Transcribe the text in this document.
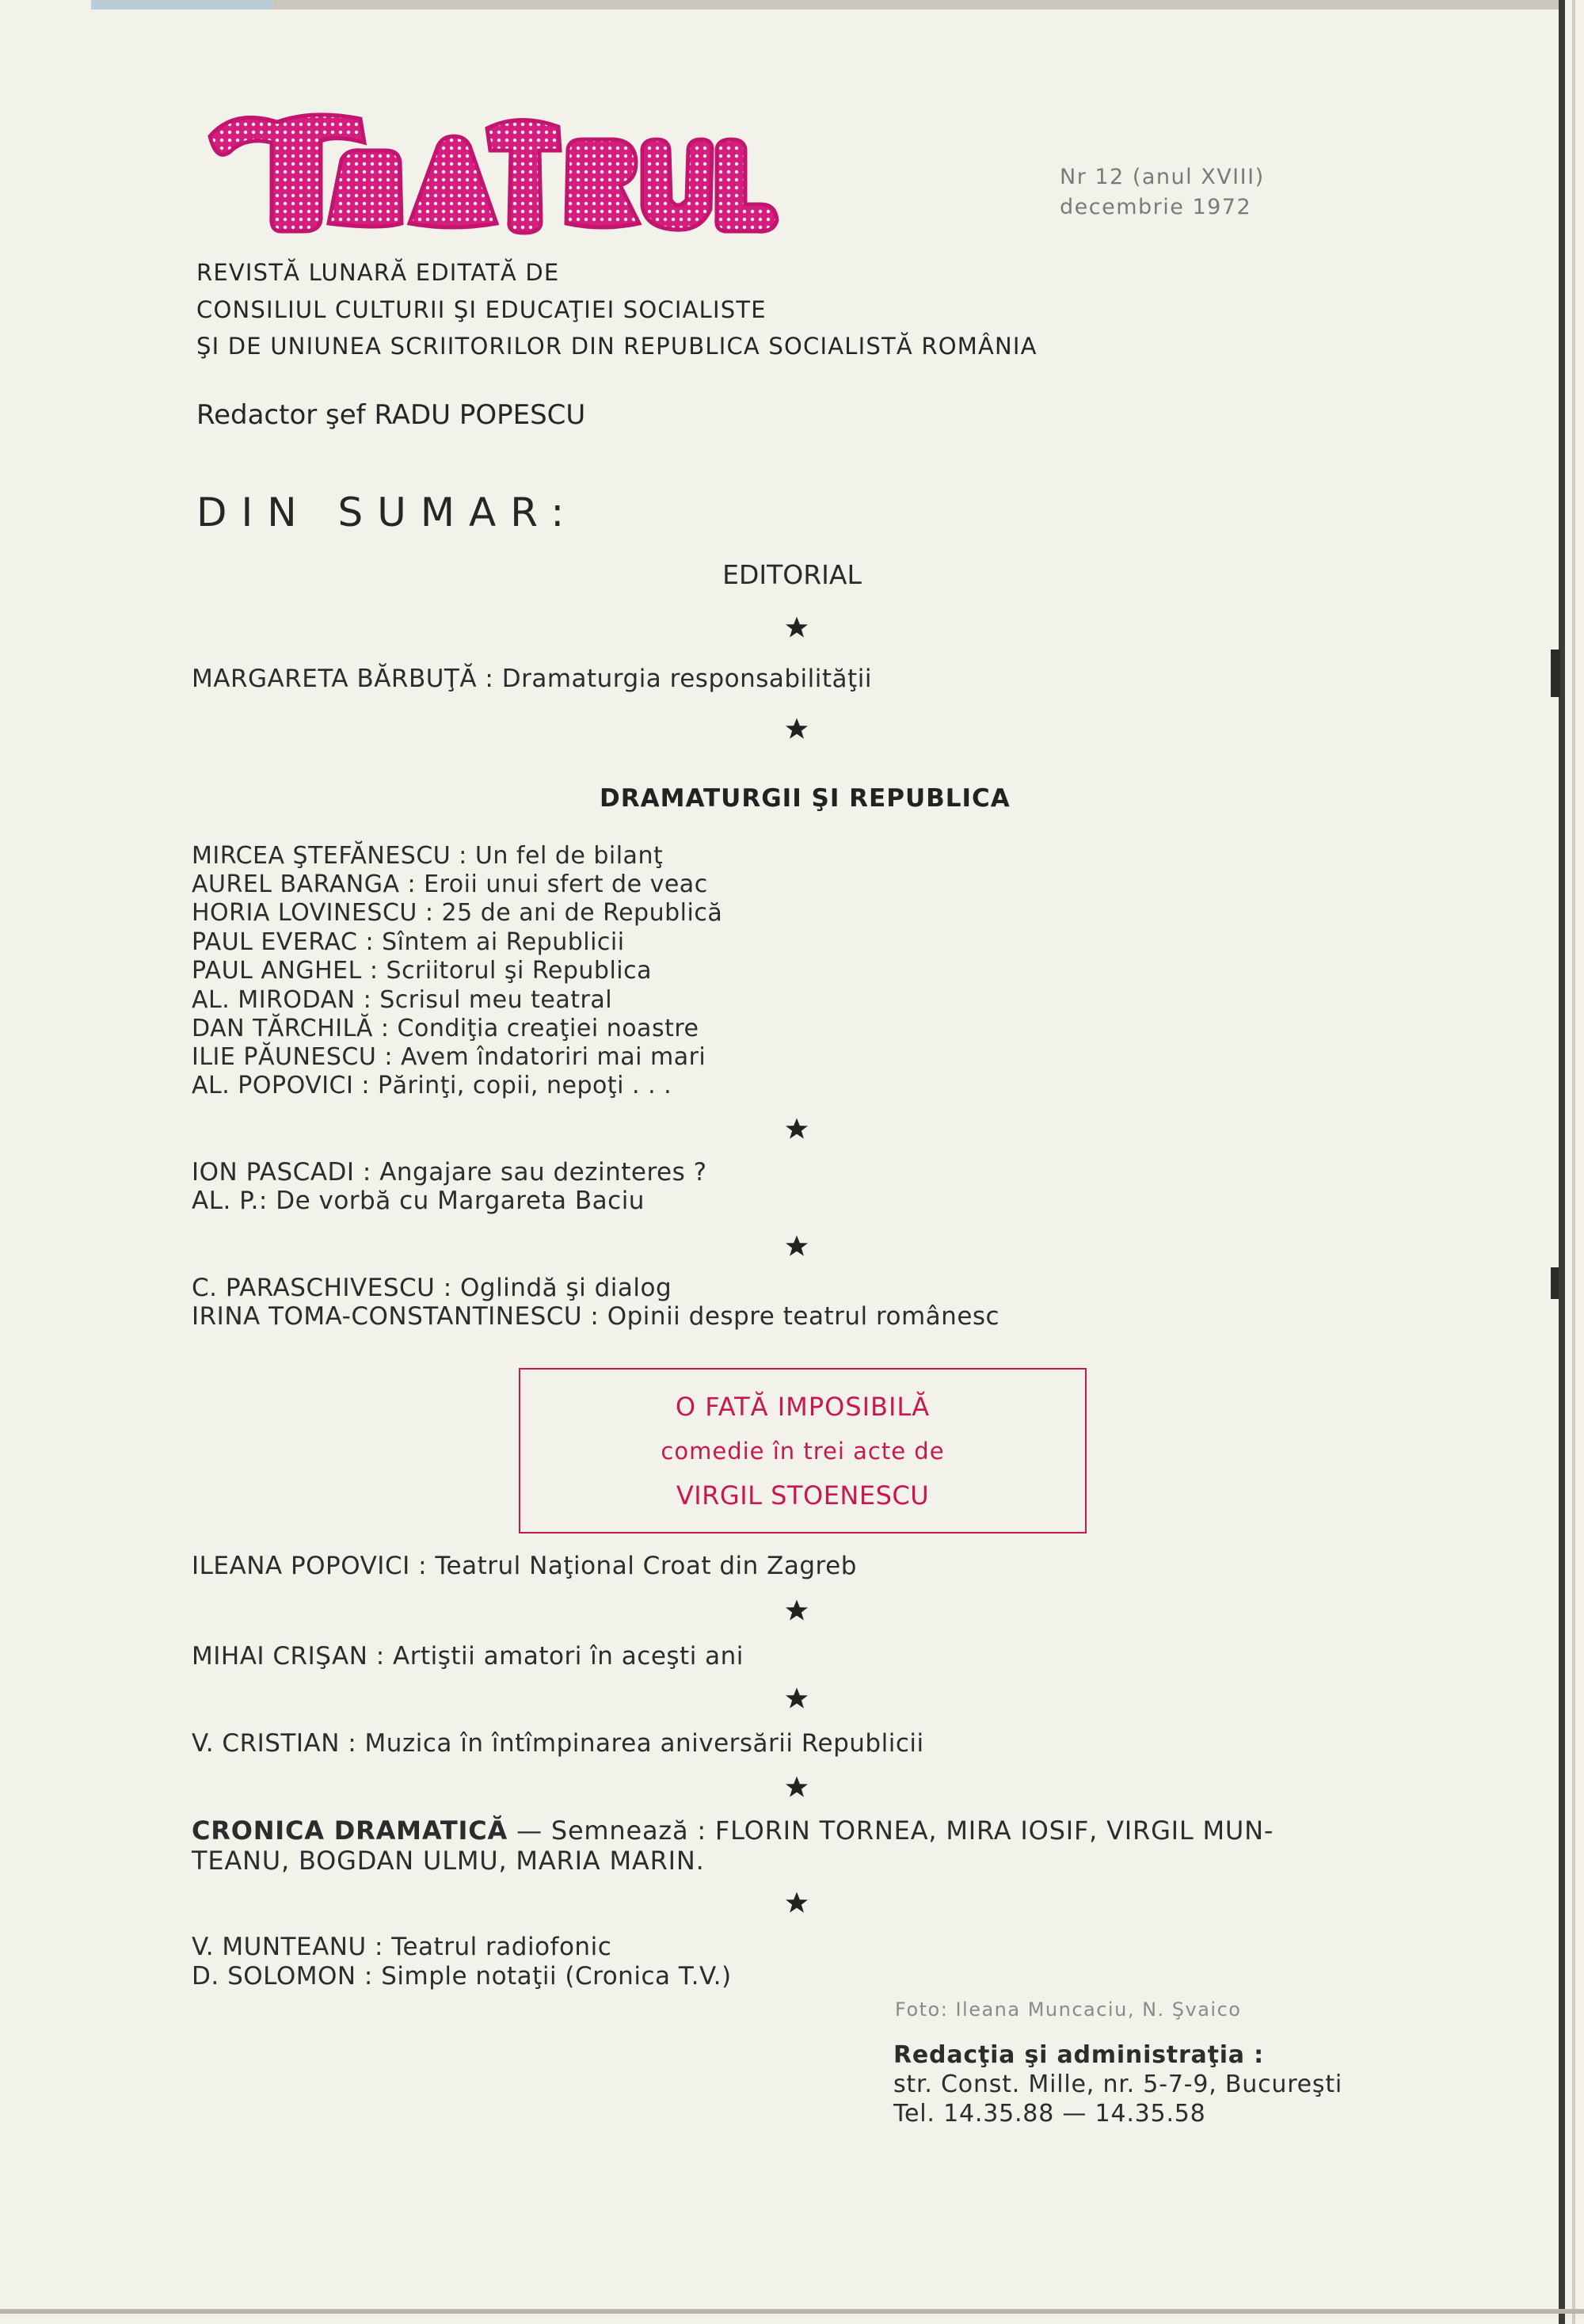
Nr 12 (anul XVIII)
decembrie 1972
REVISTĂ LUNARĂ EDITATĂ DE
CONSILIUL CULTURII ŞI EDUCAŢIEI SOCIALISTE
ŞI DE UNIUNEA SCRIITORILOR DIN REPUBLICA SOCIALISTĂ ROMÂNIA
Redactor şef RADU POPESCU
DIN SUMAR:
EDITORIAL
MARGARETA BĂRBUŢĂ : Dramaturgia responsabilităţii
DRAMATURGII ŞI REPUBLICA
MIRCEA ŞTEFĂNESCU : Un fel de bilanţ
AUREL BARANGA : Eroii unui sfert de veac
HORIA LOVINESCU : 25 de ani de Republică
PAUL EVERAC : Sîntem ai Republicii
PAUL ANGHEL : Scriitorul şi Republica
AL. MIRODAN : Scrisul meu teatral
DAN TĂRCHILĂ : Condiţia creaţiei noastre
ILIE PĂUNESCU : Avem îndatoriri mai mari
AL. POPOVICI : Părinţi, copii, nepoţi . . .
ION PASCADI : Angajare sau dezinteres ?
AL. P.: De vorbă cu Margareta Baciu
C. PARASCHIVESCU : Oglindă şi dialog
IRINA TOMA-CONSTANTINESCU : Opinii despre teatrul românesc
O FATĂ IMPOSIBILĂ
comedie în trei acte de
VIRGIL STOENESCU
ILEANA POPOVICI : Teatrul Naţional Croat din Zagreb
MIHAI CRIŞAN : Artiştii amatori în aceşti ani
V. CRISTIAN : Muzica în întîmpinarea aniversării Republicii
CRONICA DRAMATICĂ — Semnează : FLORIN TORNEA, MIRA IOSIF, VIRGIL MUN-
TEANU, BOGDAN ULMU, MARIA MARIN.
V. MUNTEANU : Teatrul radiofonic
D. SOLOMON : Simple notaţii (Cronica T.V.)
Foto: Ileana Muncaciu, N. Şvaico
Redacţia şi administraţia :
str. Const. Mille, nr. 5-7-9, Bucureşti
Tel. 14.35.88 — 14.35.58
